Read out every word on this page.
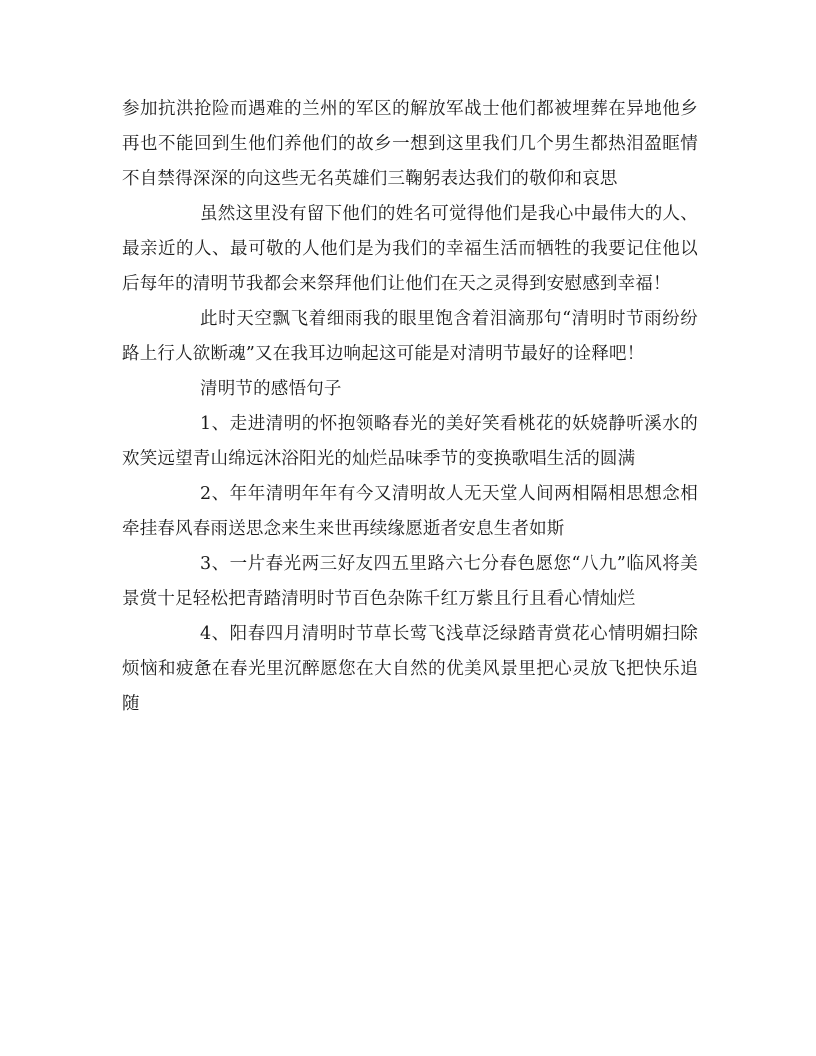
参加抗洪抢险而遇难的兰州的军区的解放军战士他们都被埋葬在异地他乡再也不能回到生他们养他们的故乡一想到这里我们几个男生都热泪盈眶情不自禁得深深的向这些无名英雄们三鞠躬表达我们的敬仰和哀思

虽然这里没有留下他们的姓名可觉得他们是我心中最伟大的人、最亲近的人、最可敬的人他们是为我们的幸福生活而牺牲的我要记住他以后每年的清明节我都会来祭拜他们让他们在天之灵得到安慰感到幸福！

此时天空飘飞着细雨我的眼里饱含着泪滴那句“清明时节雨纷纷路上行人欲断魂”又在我耳边响起这可能是对清明节最好的诠释吧！

清明节的感悟句子

1、走进清明的怀抱领略春光的美好笑看桃花的妖娆静听溪水的欢笑远望青山绵远沐浴阳光的灿烂品味季节的变换歌唱生活的圆满

2、年年清明年年有今又清明故人无天堂人间两相隔相思想念相牵挂春风春雨送思念来生来世再续缘愿逝者安息生者如斯

3、一片春光两三好友四五里路六七分春色愿您“八九”临风将美景赏十足轻松把青踏清明时节百色杂陈千红万紫且行且看心情灿烂

4、阳春四月清明时节草长莺飞浅草泛绿踏青赏花心情明媚扫除烦恼和疲惫在春光里沉醉愿您在大自然的优美风景里把心灵放飞把快乐追随
